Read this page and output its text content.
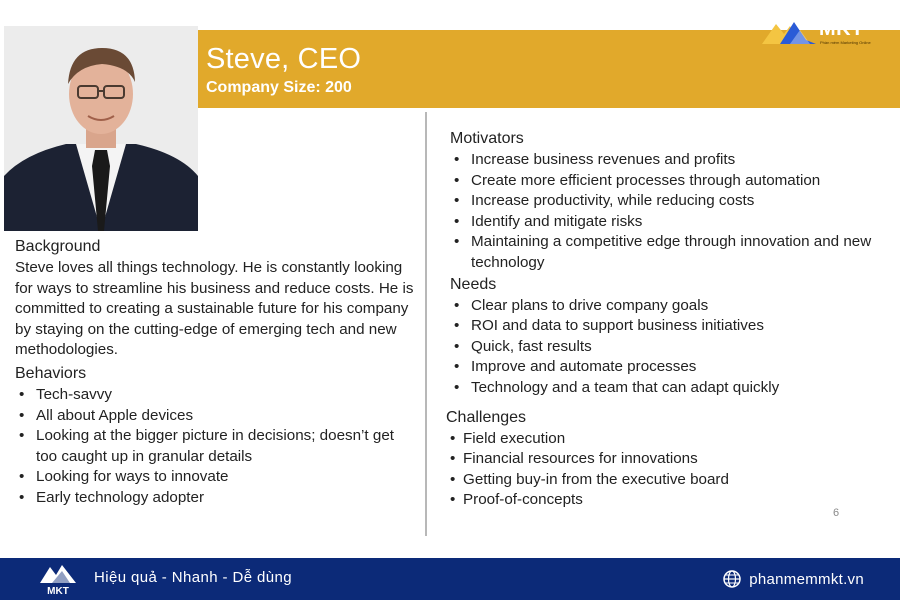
Steve, CEO
Company Size: 200
MKT
Phần mềm Marketing Online
Background
Steve loves all things technology. He is constantly looking for ways to streamline his business and reduce costs. He is committed to creating a sustainable future for his company by staying on the cutting-edge of emerging tech and new methodologies.
Behaviors
• Tech-savvy
• All about Apple devices
• Looking at the bigger picture in decisions; doesn’t get too caught up in granular details
• Looking for ways to innovate
• Early technology adopter
Motivators
• Increase business revenues and profits
• Create more efficient processes through automation
• Increase productivity, while reducing costs
• Identify and mitigate risks
• Maintaining a competitive edge through innovation and new technology
Needs
• Clear plans to drive company goals
• ROI and data to support business initiatives
• Quick, fast results
• Improve and automate processes
• Technology and a team that can adapt quickly
Challenges
• Field execution
• Financial resources for innovations
• Getting buy-in from the executive board
• Proof-of-concepts
6
MKT
Hiệu quả - Nhanh - Dễ dùng	phanmemmkt.vn
